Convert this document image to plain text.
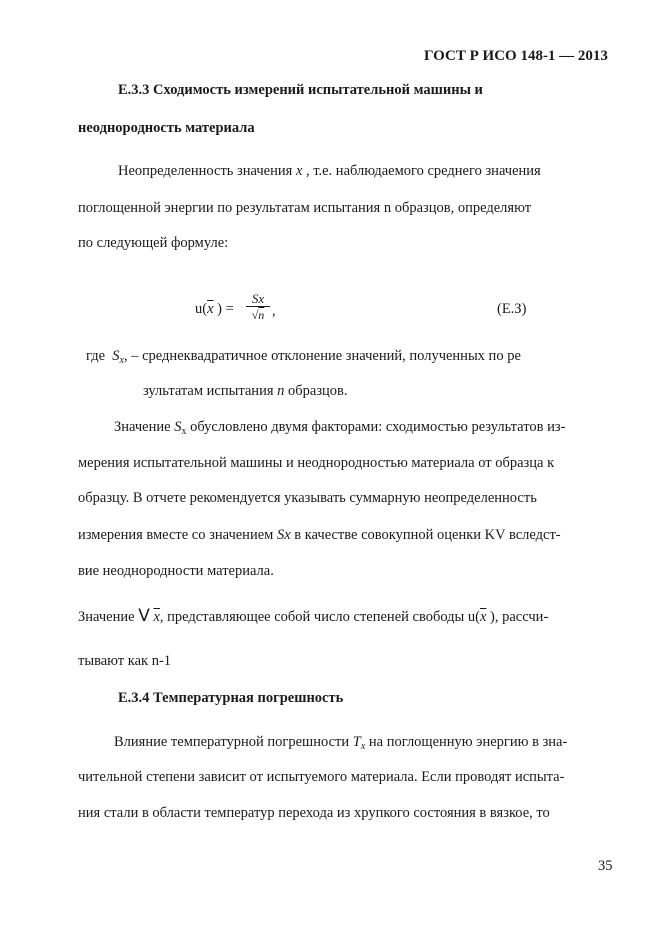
ГОСТ Р ИСО 148-1 — 2013
Е.3.3 Сходимость измерений испытательной машины и
неоднородность материала
Неопределенность значения x , т.е. наблюдаемого среднего значения
поглощенной энергии по результатам испытания n образцов, определяют
по следующей формуле:
$u(\overline{x}$ ) =
Sx
√n ,	(Е.З)
где $S_x$, – среднеквадратичное отклонение значений, полученных по ре
зультатам испытания n образцов.
Значение $S_x$ обусловлено двумя факторами: сходимостью результатов из-
мерения испытательной машины и неоднородностью материала от образца к
образцу. В отчете рекомендуется указывать суммарную неопределенность
измерения вместе со значением Sx в качестве совокупной оценки KV вследст-
вие неоднородности материала.
Значение V $\overline{x}$, представляющее собой число степеней свободы $u(\overline{x}$ ), рассчи-
тывают как n-1
Е.3.4 Температурная погрешность
Влияние температурной погрешности $T_x$ на поглощенную энергию в зна-
чительной степени зависит от испытуемого материала. Если проводят испыта-
ния стали в области температур перехода из хрупкого состояния в вязкое, то
35
